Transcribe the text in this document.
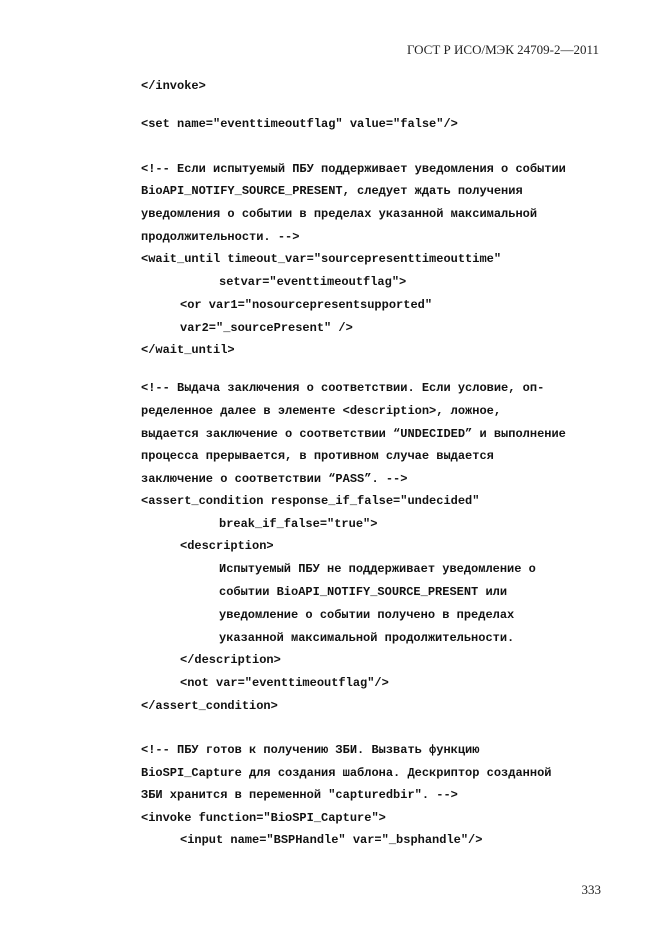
ГОСТ Р ИСО/МЭК 24709-2—2011
</invoke>
<set name="eventtimeoutflag" value="false"/>
<!-- Если испытуемый ПБУ поддерживает уведомления о событии
BioAPI_NOTIFY_SOURCE_PRESENT, следует ждать получения
уведомления о событии в пределах указанной максимальной
продолжительности. -->
<wait_until timeout_var="sourcepresenttimeouttime"
setvar="eventtimeoutflag">
<or var1="nosourcepresentsupported"
var2="_sourcePresent" />
</wait_until>
<!-- Выдача заключения о соответствии. Если условие, оп-
ределенное далее в элементе <description>, ложное,
выдается заключение о соответствии “UNDECIDED” и выполнение
процесса прерывается, в противном случае выдается
заключение о соответствии “PASS”. -->
<assert_condition response_if_false="undecided"
break_if_false="true">
<description>
Испытуемый ПБУ не поддерживает уведомление о
событии BioAPI_NOTIFY_SOURCE_PRESENT или
уведомление о событии получено в пределах
указанной максимальной продолжительности.
</description>
<not var="eventtimeoutflag"/>
</assert_condition>
<!-- ПБУ готов к получению ЗБИ. Вызвать функцию
BioSPI_Capture для создания шаблона. Дескриптор созданной
ЗБИ хранится в переменной "capturedbir". -->
<invoke function="BioSPI_Capture">
<input name="BSPHandle" var="_bsphandle"/>
333
